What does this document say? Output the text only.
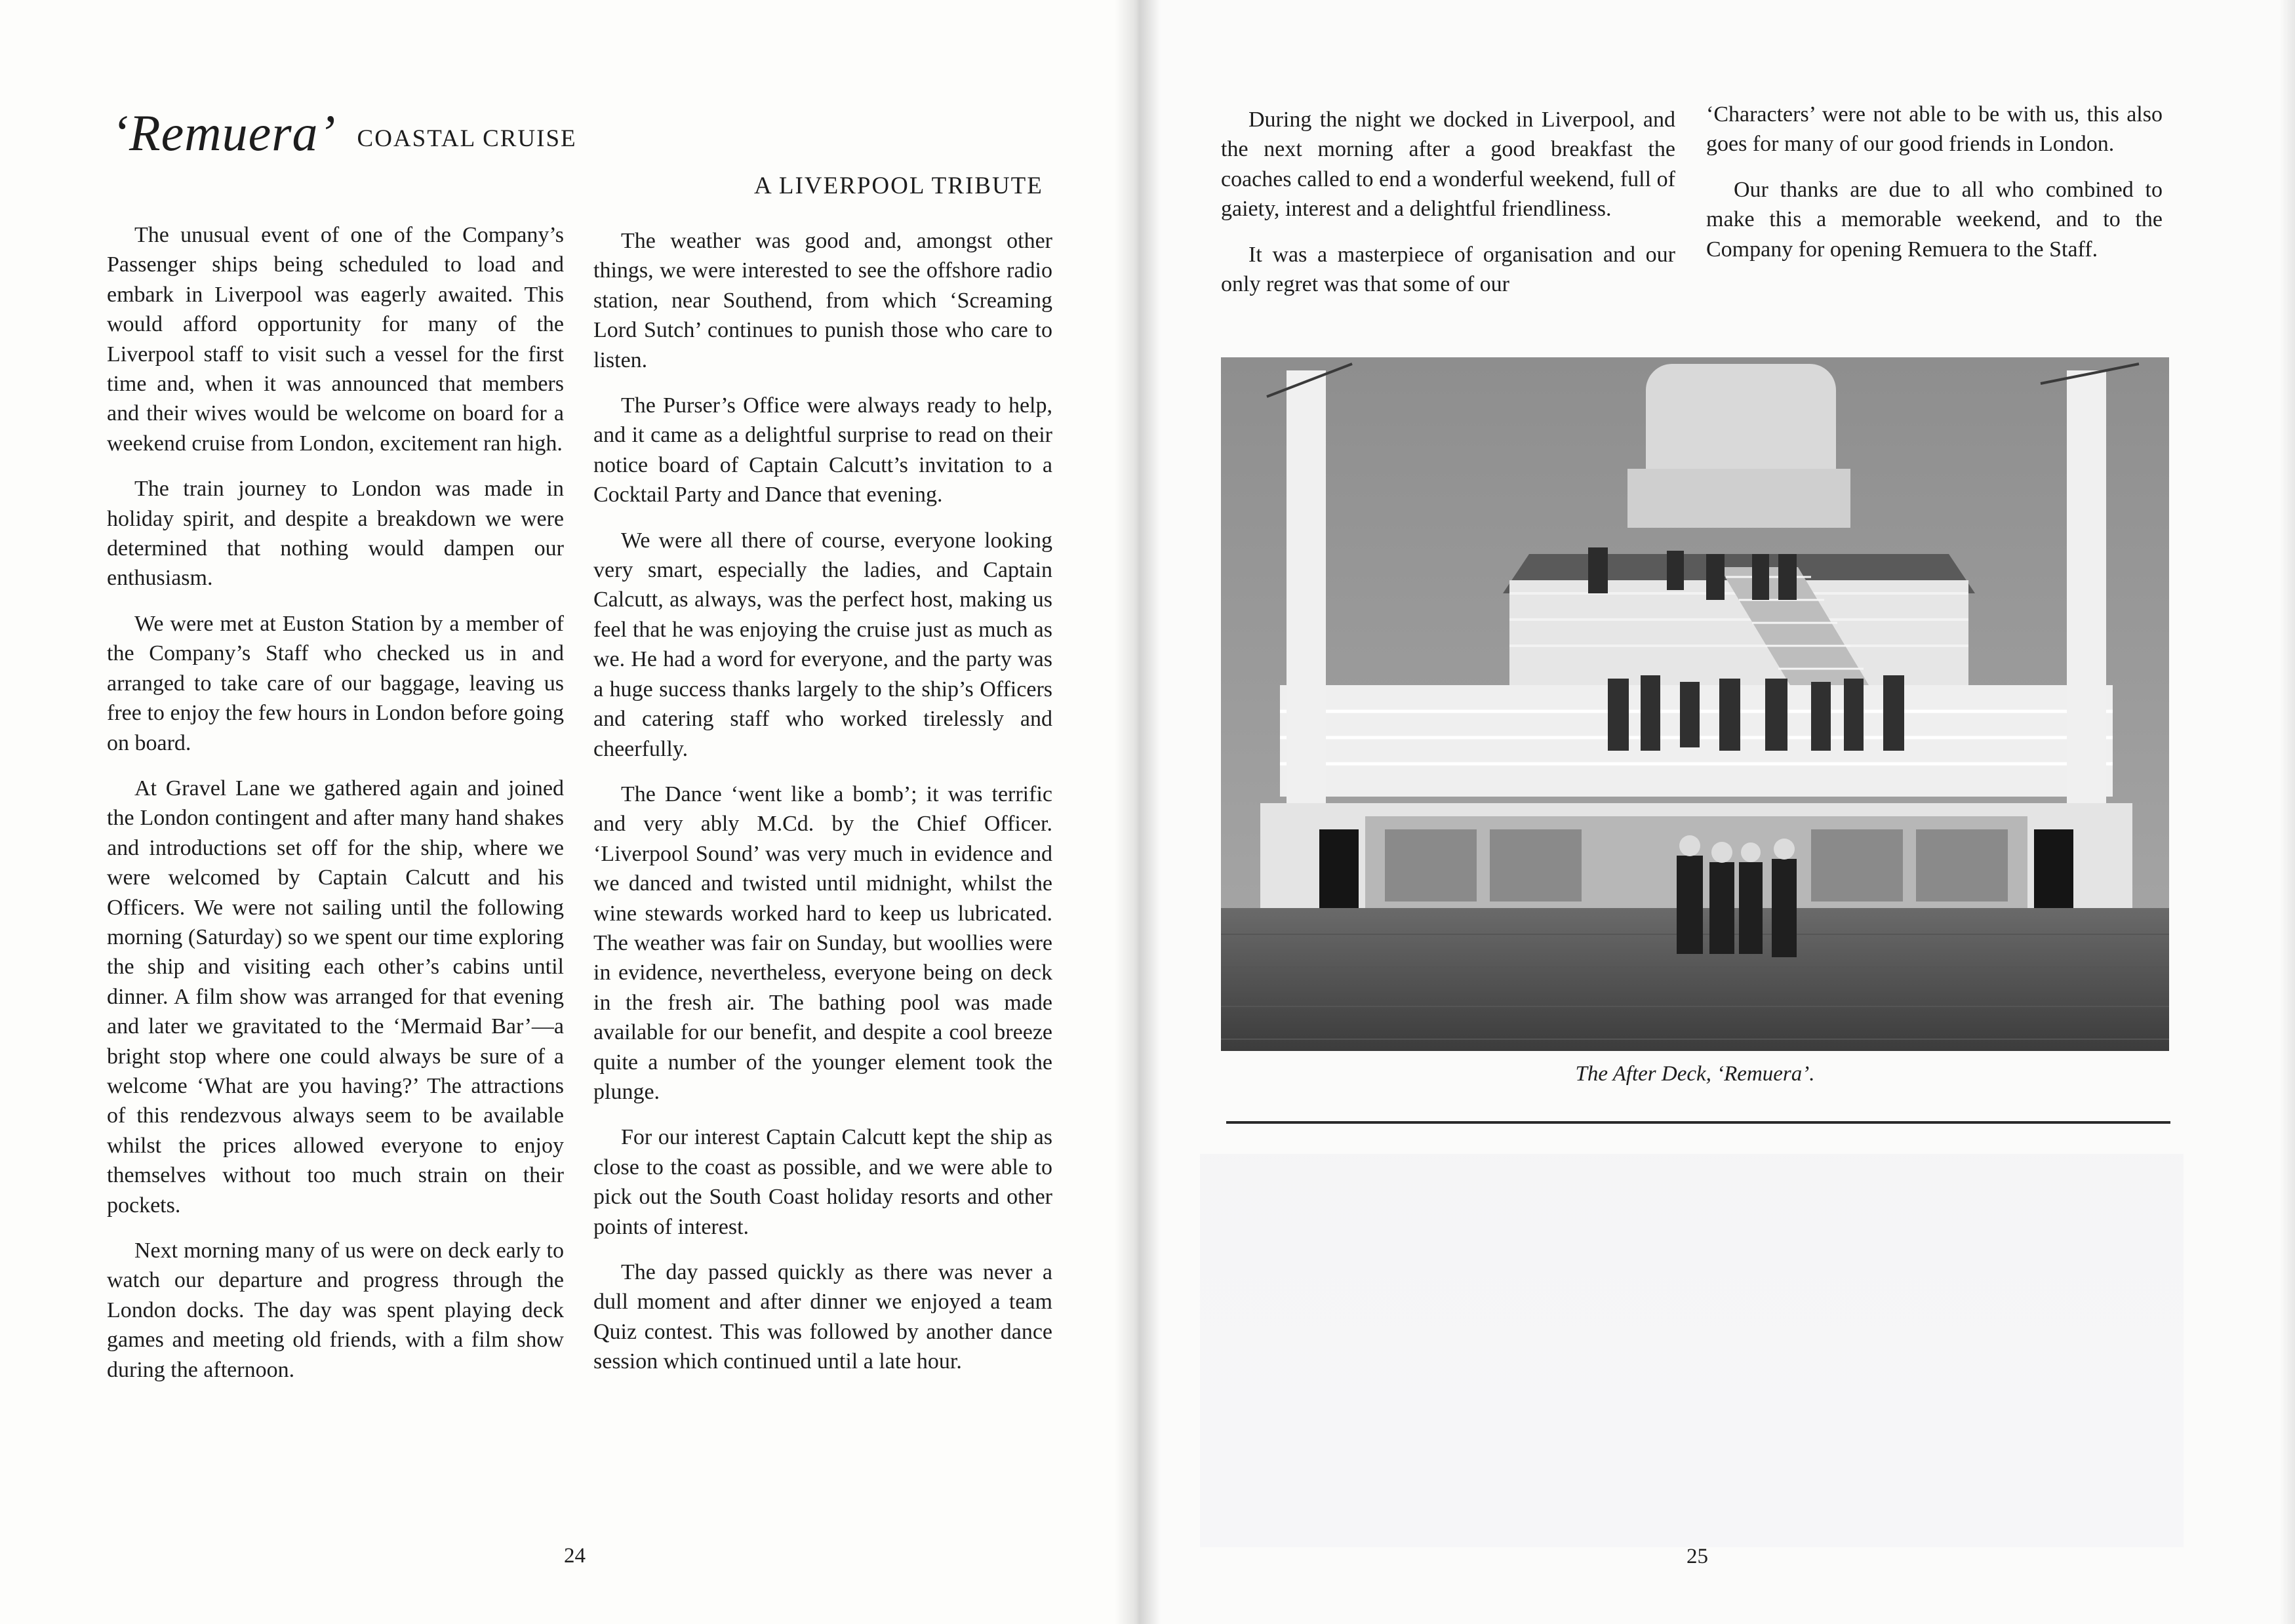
‘Remuera’ COASTAL CRUISE

The unusual event of one of the Company’s Passenger ships being scheduled to load and embark in Liverpool was eagerly awaited. This would afford opportunity for many of the Liverpool staff to visit such a vessel for the first time and, when it was announced that members and their wives would be welcome on board for a weekend cruise from London, excitement ran high.

The train journey to London was made in holiday spirit, and despite a breakdown we were determined that nothing would dampen our enthusiasm.

We were met at Euston Station by a member of the Company’s Staff who checked us in and arranged to take care of our baggage, leaving us free to enjoy the few hours in London before going on board.

At Gravel Lane we gathered again and joined the London contingent and after many hand shakes and introductions set off for the ship, where we were welcomed by Captain Calcutt and his Officers. We were not sailing until the following morning (Saturday) so we spent our time exploring the ship and visiting each other’s cabins until dinner. A film show was arranged for that evening and later we gravitated to the ‘Mermaid Bar’—a bright stop where one could always be sure of a welcome ‘What are you having?’ The attractions of this rendezvous always seem to be available whilst the prices allowed everyone to enjoy themselves without too much strain on their pockets.

Next morning many of us were on deck early to watch our departure and progress through the London docks. The day was spent playing deck games and meeting old friends, with a film show during the afternoon.

A LIVERPOOL TRIBUTE

The weather was good and, amongst other things, we were interested to see the offshore radio station, near Southend, from which ‘Screaming Lord Sutch’ continues to punish those who care to listen.

The Purser’s Office were always ready to help, and it came as a delightful surprise to read on their notice board of Captain Calcutt’s invitation to a Cocktail Party and Dance that evening.

We were all there of course, everyone looking very smart, especially the ladies, and Captain Calcutt, as always, was the perfect host, making us feel that he was enjoying the cruise just as much as we. He had a word for everyone, and the party was a huge success thanks largely to the ship’s Officers and catering staff who worked tirelessly and cheerfully.

The Dance ‘went like a bomb’; it was terrific and very ably M.Cd. by the Chief Officer. ‘Liverpool Sound’ was very much in evidence and we danced and twisted until midnight, whilst the wine stewards worked hard to keep us lubricated. The weather was fair on Sunday, but woollies were in evidence, nevertheless, everyone being on deck in the fresh air. The bathing pool was made available for our benefit, and despite a cool breeze quite a number of the younger element took the plunge.

For our interest Captain Calcutt kept the ship as close to the coast as possible, and we were able to pick out the South Coast holiday resorts and other points of interest.

The day passed quickly as there was never a dull moment and after dinner we enjoyed a team Quiz contest. This was followed by another dance session which continued until a late hour.

24

During the night we docked in Liverpool, and the next morning after a good breakfast the coaches called to end a wonderful weekend, full of gaiety, interest and a delightful friendliness.

It was a masterpiece of organisation and our only regret was that some of our

‘Characters’ were not able to be with us, this also goes for many of our good friends in London.

Our thanks are due to all who combined to make this a memorable weekend, and to the Company for opening Remuera to the Staff.

The After Deck, ‘Remuera’.
25
